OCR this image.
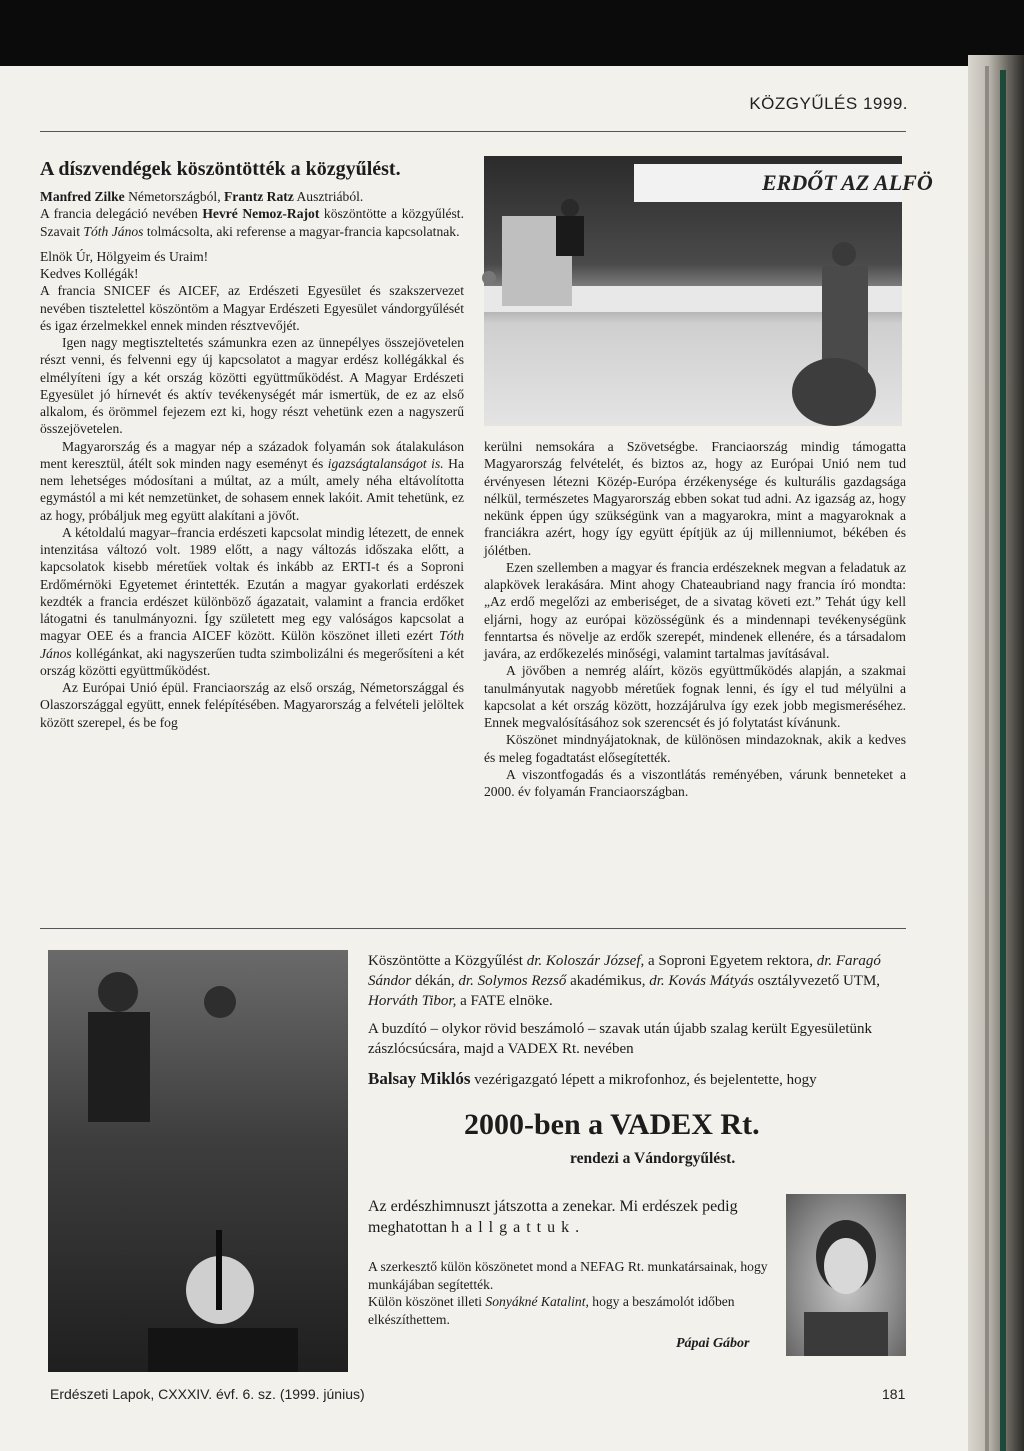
KÖZGYŰLÉS 1999.
A díszvendégek köszöntötték a közgyűlést.

Manfred Zilke Németországból, Frantz Ratz Ausztriából.

A francia delegáció nevében Hevré Nemoz-Rajot köszöntötte a közgyűlést. Szavait Tóth János tolmácsolta, aki referense a magyar-francia kapcsolatnak.

Elnök Úr, Hölgyeim és Uraim!

Kedves Kollégák!

A francia SNICEF és AICEF, az Erdészeti Egyesület és szakszervezet nevében tisztelettel köszöntöm a Magyar Erdészeti Egyesület vándorgyűlését és igaz érzelmekkel ennek minden résztvevőjét.

Igen nagy megtiszteltetés számunkra ezen az ünnepélyes összejövetelen részt venni, és felvenni egy új kapcsolatot a magyar erdész kollégákkal és elmélyíteni így a két ország közötti együttműködést. A Magyar Erdészeti Egyesület jó hírnevét és aktív tevékenységét már ismertük, de ez az első alkalom, és örömmel fejezem ezt ki, hogy részt vehetünk ezen a nagyszerű összejövetelen.

Magyarország és a magyar nép a századok folyamán sok átalakuláson ment keresztül, átélt sok minden nagy eseményt és igazságtalanságot is. Ha nem lehetséges módosítani a múltat, az a múlt, amely néha eltávolította egymástól a mi két nemzetünket, de sohasem ennek lakóit. Amit tehetünk, ez az hogy, próbáljuk meg együtt alakítani a jövőt.

A kétoldalú magyar–francia erdészeti kapcsolat mindig létezett, de ennek intenzitása változó volt. 1989 előtt, a nagy változás időszaka előtt, a kapcsolatok kisebb méretűek voltak és inkább az ERTI-t és a Soproni Erdőmérnöki Egyetemet érintették. Ezután a magyar gyakorlati erdészek kezdték a francia erdészet különböző ágazatait, valamint a francia erdőket látogatni és tanulmányozni. Így született meg egy valóságos kapcsolat a magyar OEE és a francia AICEF között. Külön köszönet illeti ezért Tóth János kollégánkat, aki nagyszerűen tudta szimbolizálni és megerősíteni a két ország közötti együttműködést.

Az Európai Unió épül. Franciaország az első ország, Németországgal és Olaszországgal együtt, ennek felépítésében. Magyarország a felvételi jelöltek között szerepel, és be fog

ERDŐT AZ ALFÖ

kerülni nemsokára a Szövetségbe. Franciaország mindig támogatta Magyarország felvételét, és biztos az, hogy az Európai Unió nem tud érvényesen létezni Közép-Európa érzékenysége és kulturális gazdagsága nélkül, természetes Magyarország ebben sokat tud adni. Az igazság az, hogy nekünk éppen úgy szükségünk van a magyarokra, mint a magyaroknak a franciákra azért, hogy így együtt építjük az új millenniumot, békében és jólétben.

Ezen szellemben a magyar és francia erdészeknek megvan a feladatuk az alapkövek lerakására. Mint ahogy Chateaubriand nagy francia író mondta: „Az erdő megelőzi az emberiséget, de a sivatag követi ezt.” Tehát úgy kell eljárni, hogy az európai közösségünk és a mindennapi tevékenységünk fenntartsa és növelje az erdők szerepét, mindenek ellenére, és a társadalom javára, az erdőkezelés minőségi, valamint tartalmas javításával.

A jövőben a nemrég aláírt, közös együttműködés alapján, a szakmai tanulmányutak nagyobb méretűek fognak lenni, és így el tud mélyülni a kapcsolat a két ország között, hozzájárulva így ezek jobb megismeréséhez. Ennek megvalósításához sok szerencsét és jó folytatást kívánunk.

Köszönet mindnyájatoknak, de különösen mindazoknak, akik a kedves és meleg fogadtatást elősegítették.

A viszontfogadás és a viszontlátás reményében, várunk benneteket a 2000. év folyamán Franciaországban.

Köszöntötte a Közgyűlést dr. Koloszár József, a Soproni Egyetem rektora, dr. Faragó Sándor dékán, dr. Solymos Rezső akadémikus, dr. Kovás Mátyás osztályvezető UTM, Horváth Tibor, a FATE elnöke.

A buzdító – olykor rövid beszámoló – szavak után újabb szalag került Egyesületünk zászlócsúcsára, majd a VADEX Rt. nevében

Balsay Miklós vezérigazgató lépett a mikrofonhoz, és bejelentette, hogy

2000-ben a VADEX Rt.
rendezi a Vándorgyűlést.

Az erdészhimnuszt játszotta a zenekar. Mi erdészek pedig meghatottan hallgattuk.

A szerkesztő külön köszönetet mond a NEFAG Rt. munkatársainak, hogy munkájában segítették.

Külön köszönet illeti Sonyákné Katalint, hogy a beszámolót időben elkészíthettem.

Pápai Gábor
Erdészeti Lapok, CXXXIV. évf. 6. sz. (1999. június)	181
